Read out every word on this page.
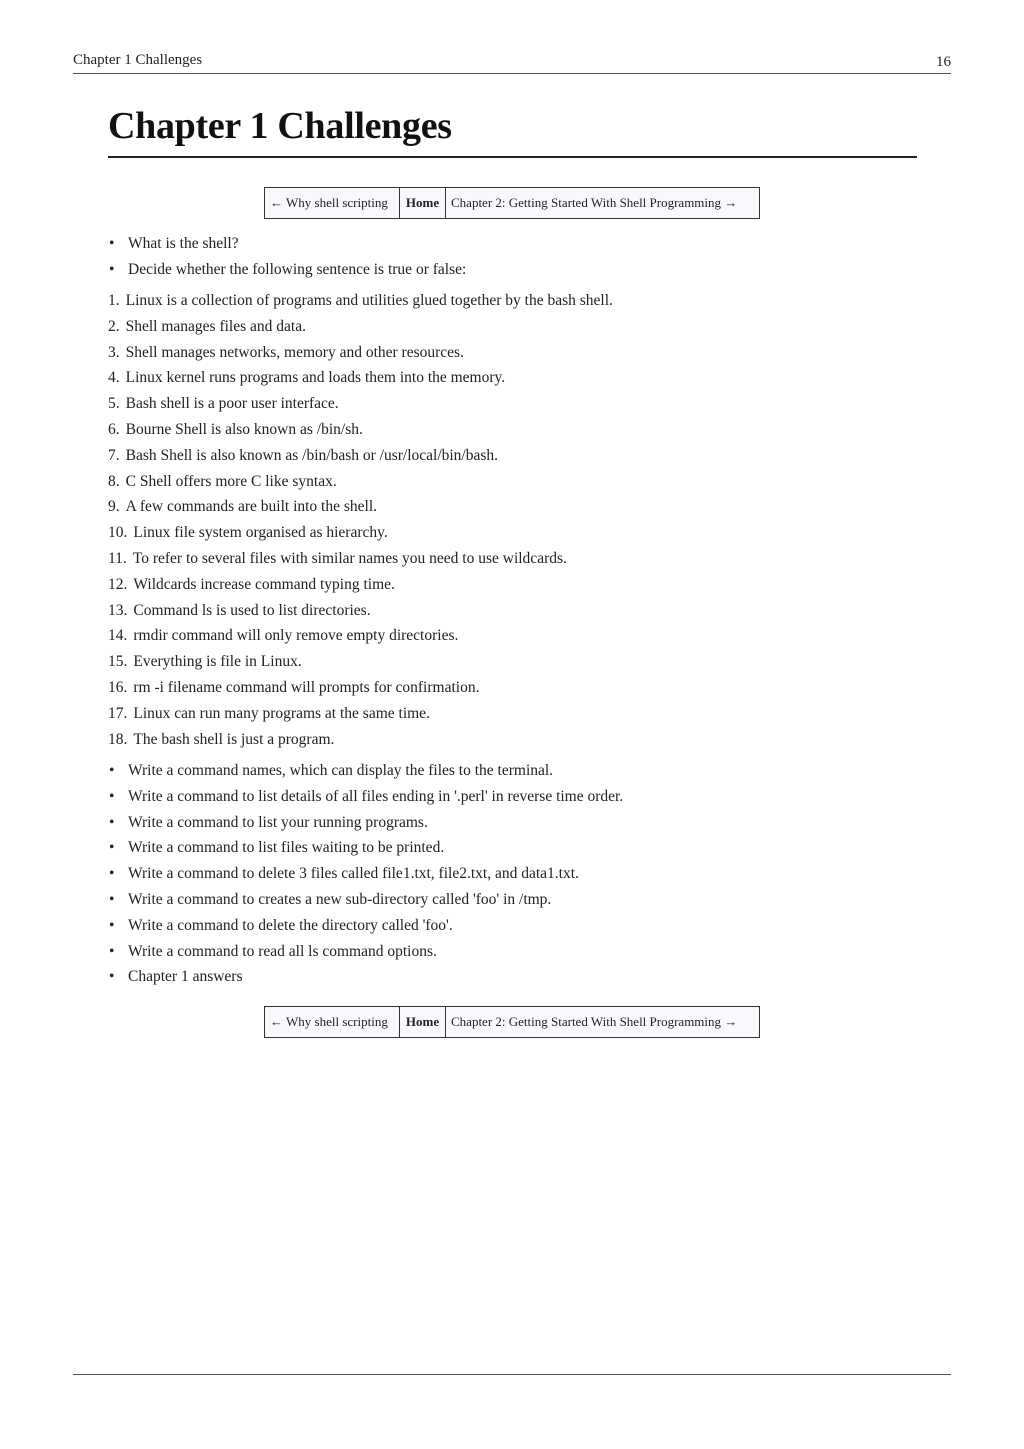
Chapter 1 Challenges	16
Chapter 1 Challenges
← Why shell scripting	Home Chapter 2: Getting Started With Shell Programming →
• What is the shell?
• Decide whether the following sentence is true or false:
1. Linux is a collection of programs and utilities glued together by the bash shell.
2. Shell manages files and data.
3. Shell manages networks, memory and other resources.
4. Linux kernel runs programs and loads them into the memory.
5. Bash shell is a poor user interface.
6. Bourne Shell is also known as /bin/sh.
7. Bash Shell is also known as /bin/bash or /usr/local/bin/bash.
8. C Shell offers more C like syntax.
9. A few commands are built into the shell.
10. Linux file system organised as hierarchy.
11. To refer to several files with similar names you need to use wildcards.
12. Wildcards increase command typing time.
13. Command ls is used to list directories.
14. rmdir command will only remove empty directories.
15. Everything is file in Linux.
16. rm -i filename command will prompts for confirmation.
17. Linux can run many programs at the same time.
18. The bash shell is just a program.
• Write a command names, which can display the files to the terminal.
• Write a command to list details of all files ending in '.perl' in reverse time order.
• Write a command to list your running programs.
• Write a command to list files waiting to be printed.
• Write a command to delete 3 files called file1.txt, file2.txt, and data1.txt.
• Write a command to creates a new sub-directory called 'foo' in /tmp.
• Write a command to delete the directory called 'foo'.
• Write a command to read all ls command options.
• Chapter 1 answers
← Why shell scripting	Home Chapter 2: Getting Started With Shell Programming →
